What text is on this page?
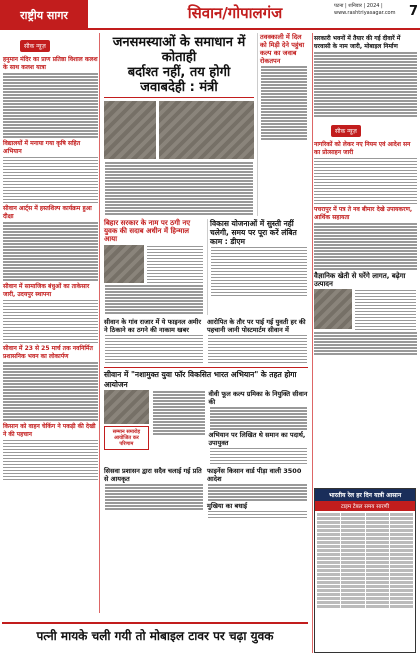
राष्ट्रीय सागर	सिवान/गोपालगंज	पटना | शनिवार | 2024 | www.rashtriyasagar.com	7
सीक न्यूज़
हनुमान मंदिर का प्राण प्रतिष्ठा विशाल कलश के साथ कलश यात्रा
विद्यालयों में मनाया गया कृषि सहित अभियान
सीवान आर्ट्स में हस्तशिल्प कार्यक्रम हुआ दीक्षा
सीवान में सामाजिक बंधुओं का ताकेसार जारी, उदयपुर स्थापना
सीवान में 23 से 25 मार्च तक नवनिर्मित प्रशासनिक भवन का लोकार्पण
किसान को वाहन चेकिंग ने पकड़ी की देखी ने की पहचान
जनसमस्याओं के समाधान में कोताही
बर्दाश्त नहीं, तय होगी जवाबदेही : मंत्री
तवक्काली में दिल को मिड़ी देने पहुंचा कल्प का जवाब रोकतपन
बिहार सरकार के नाम पर ठगी नए युवक की सदाब अधीन में हिन्माल आया
विकास योजनाओं में सुस्ती नहीं चलेगी, समय पर पूरा करें लंबित काम : डीएम
सीवान के गांव राजार में ये फाइनल अमीर ने ठिकाने का ठगने की नाकाम खबर
आरोपित के तौर पर पाई गई युवती हर की पहचानी जानी पोस्टमार्टम सीवान में
सीवान में "नशामुक्त युवा फॉर विकसित भारत अभियान" के तहत होगा आयोजन
सम्मान समारोह आयोजित कर परिणाम
वीवी फूल कल्प ग्रमिका के नियुक्ति सीवान की
अभियान पर लिखित थे समान का पदार्थ, उपायुक्त
सिसवा प्रशासन द्वारा सदैव चलाई गई प्रति से आयकृत
फाइनेंस किसान वार्ड पीड़ा वाली 3500 आदेश
मुखिया का बधाई
सरकारी भवनों में तैयार की गई दीवारें में घरवासी के नाम जारी, मोबाइल निर्माण
सीक न्यूज़
नागरिकों को लेकर नए नियम एवं आदेश सन का प्रोत्साहन जारी
पचरापुर में पत्र ते नव बीमार देखे उपायकरण, आर्थिक सहायता
वैज्ञानिक खेती से घरेंगे लागत, बढ़ेगा उत्पादन
भारतीय रेल हर दिन यात्री आसान
टाइम टेबल समय सारणी
पत्नी मायके चली गयी तो मोबाइल टावर पर चढ़ा युवक
